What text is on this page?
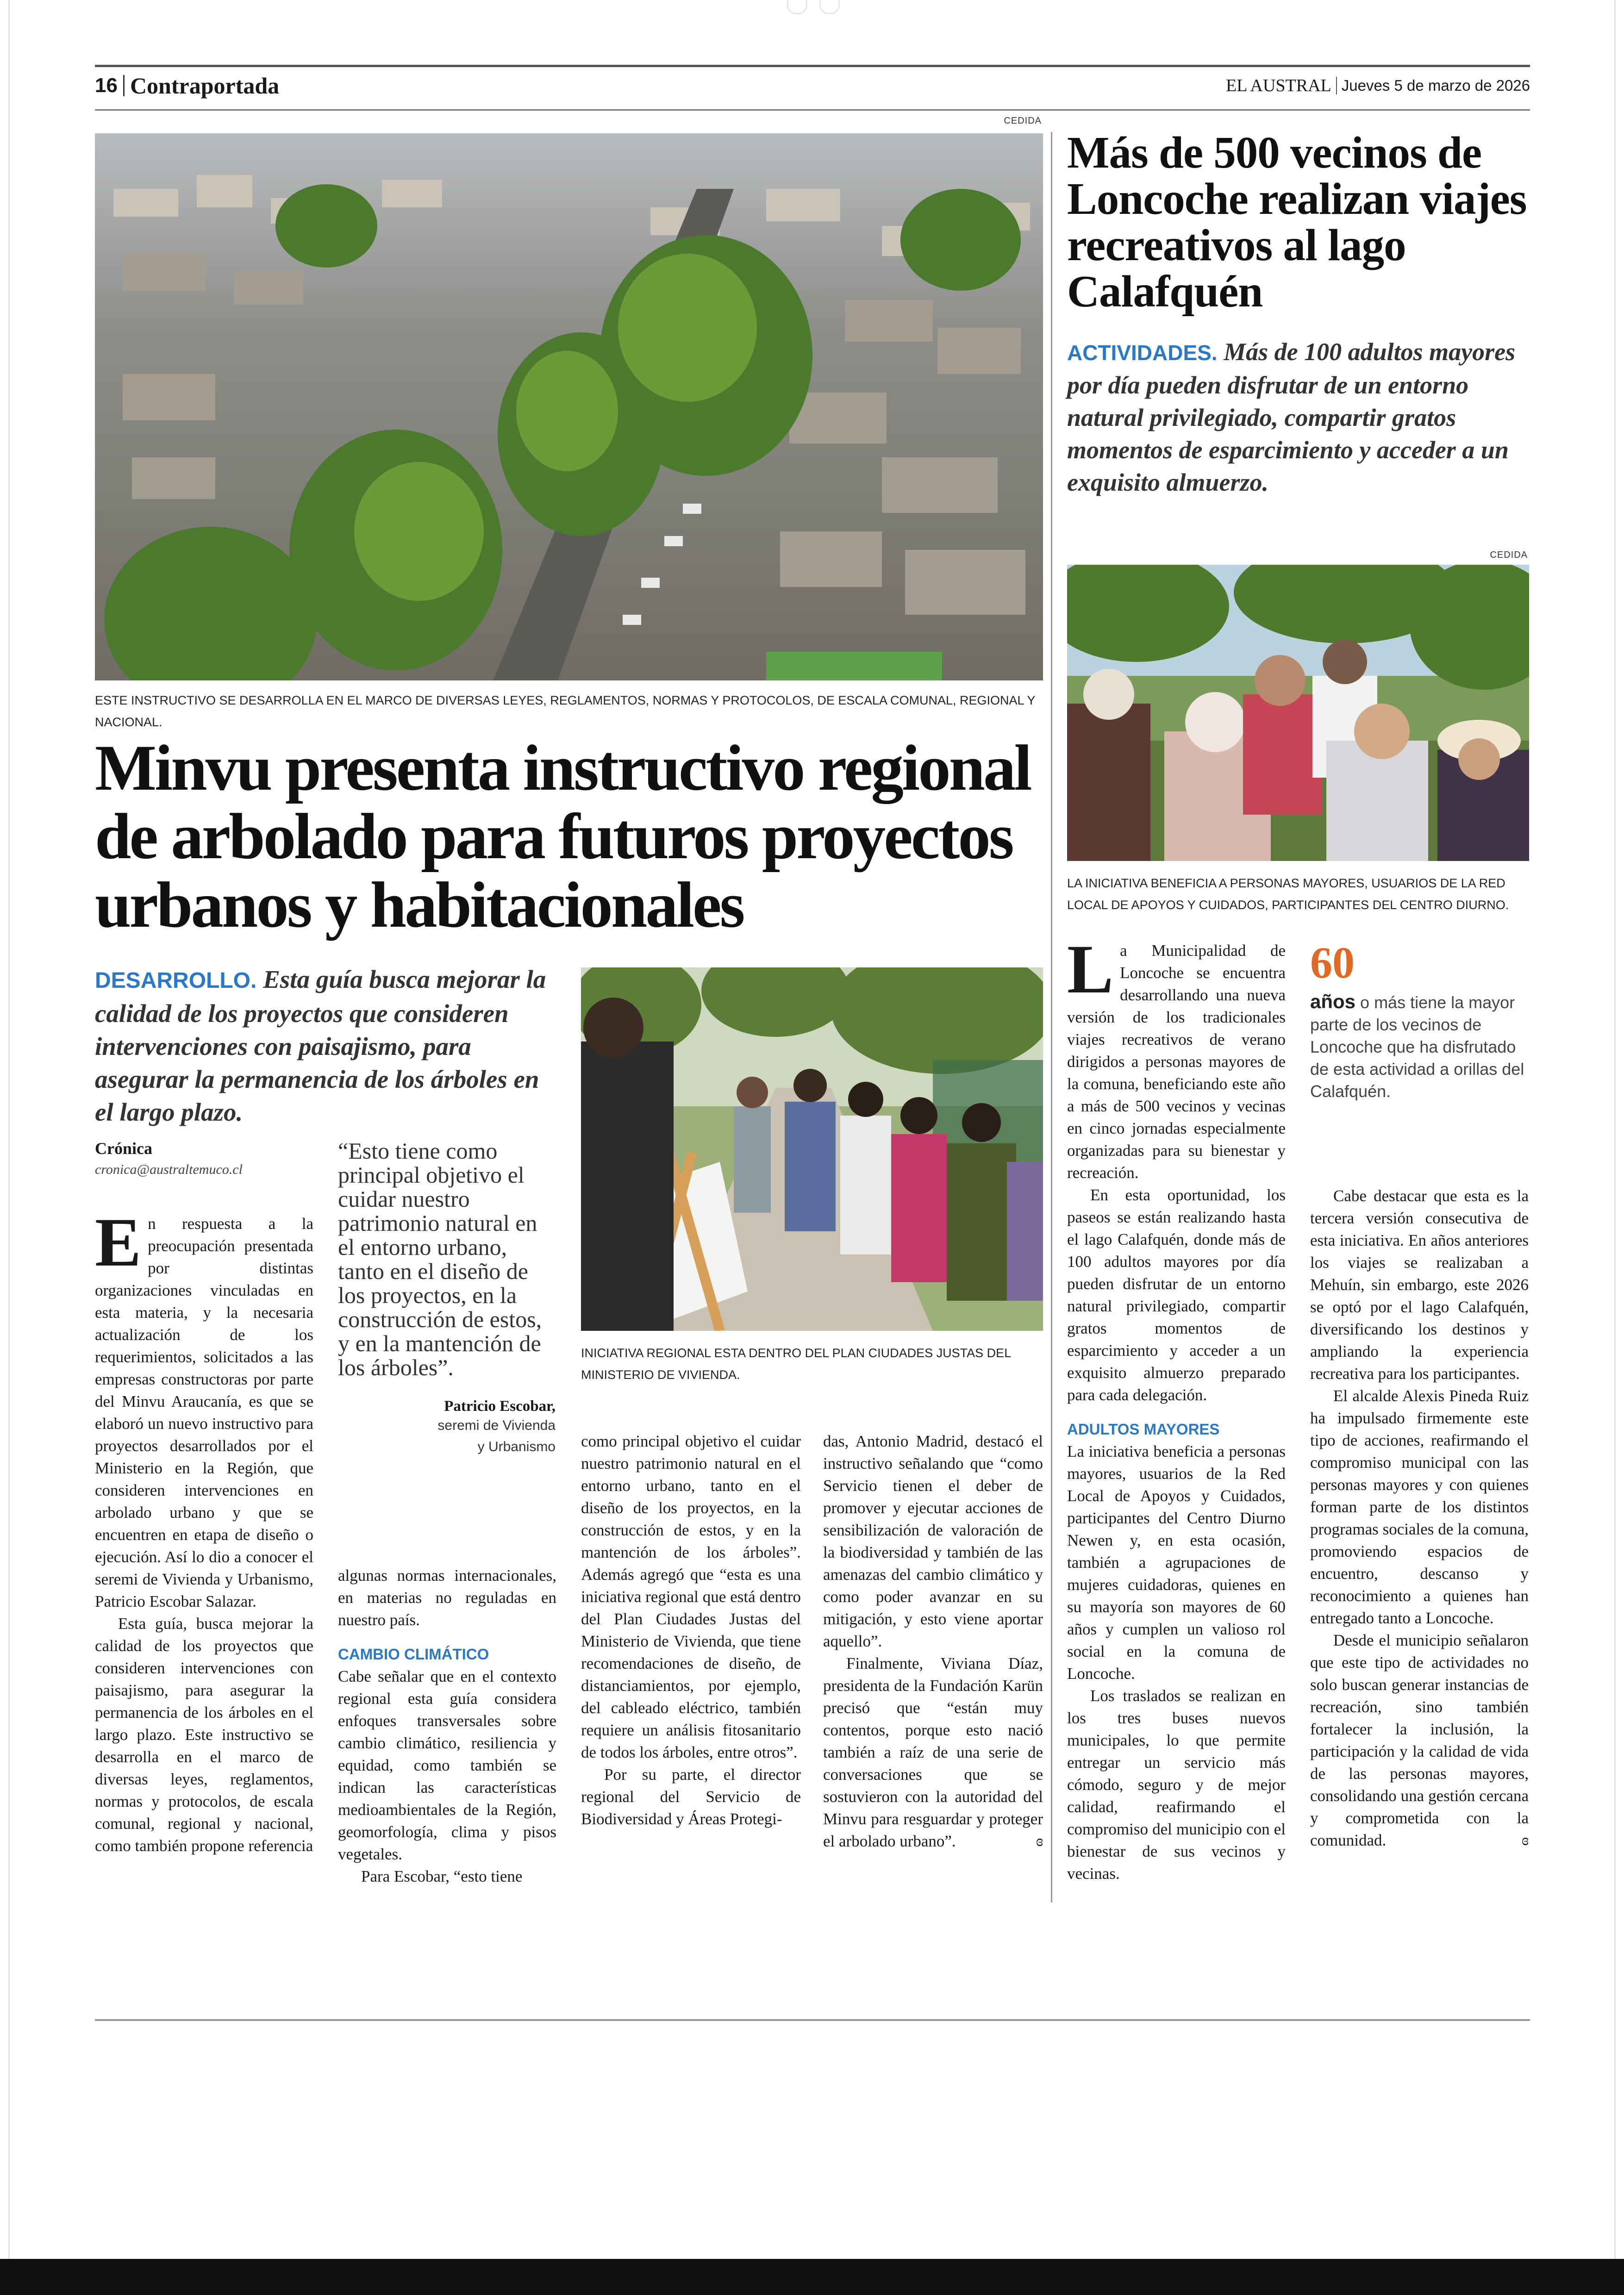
16 Contraportada	EL AUSTRAL Jueves 5 de marzo de 2026
CEDIDA
ESTE INSTRUCTIVO SE DESARROLLA EN EL MARCO DE DIVERSAS LEYES, REGLAMENTOS, NORMAS Y PROTOCOLOS, DE ESCALA COMUNAL, REGIONAL Y NACIONAL.
Minvu presenta instructivo regional de arbolado para futuros proyectos urbanos y habitacionales
DESARROLLO. Esta guía busca mejorar la calidad de los proyectos que consideren intervenciones con paisajismo, para asegurar la permanencia de los árboles en el largo plazo.
Crónica
cronica@australtemuco.cl
“Esto tiene como principal objetivo el cuidar nuestro patrimonio natural en el entorno urbano, tanto en el diseño de los proyectos, en la construcción de estos, y en la mantención de los árboles”.
Patricio Escobar,
seremi de Vivienda y Urbanismo
INICIATIVA REGIONAL ESTA DENTRO DEL PLAN CIUDADES JUSTAS DEL MINISTERIO DE VIVIENDA.

En respuesta a la preocupación presentada por distintas organizaciones vinculadas en esta materia, y la necesaria actualización de los requerimientos, solicitados a las empresas constructoras por parte del Minvu Araucanía, es que se elaboró un nuevo instructivo para proyectos desarrollados por el Ministerio en la Región, que consideren intervenciones en arbolado urbano y que se encuentren en etapa de diseño o ejecución. Así lo dio a conocer el seremi de Vivienda y Urbanismo, Patricio Escobar Salazar.

Esta guía, busca mejorar la calidad de los proyectos que consideren intervenciones con paisajismo, para asegurar la permanencia de los árboles en el largo plazo. Este instructivo se desarrolla en el marco de diversas leyes, reglamentos, normas y protocolos, de escala comunal, regional y nacional, como también propone referencia

algunas normas internacionales, en materias no reguladas en nuestro país.

CAMBIO CLIMÁTICO

Cabe señalar que en el contexto regional esta guía considera enfoques transversales sobre cambio climático, resiliencia y equidad, como también se indican las características medioambientales de la Región, geomorfología, clima y pisos vegetales.

Para Escobar, “esto tiene

como principal objetivo el cuidar nuestro patrimonio natural en el entorno urbano, tanto en el diseño de los proyectos, en la construcción de estos, y en la mantención de los árboles”. Además agregó que “esta es una iniciativa regional que está dentro del Plan Ciudades Justas del Ministerio de Vivienda, que tiene recomendaciones de diseño, de distanciamientos, por ejemplo, del cableado eléctrico, también requiere un análisis fitosanitario de todos los árboles, entre otros”.

Por su parte, el director regional del Servicio de Biodiversidad y Áreas Protegi-

das, Antonio Madrid, destacó el instructivo señalando que “como Servicio tienen el deber de promover y ejecutar acciones de sensibilización de valoración de la biodiversidad y también de las amenazas del cambio climático y como poder avanzar en su mitigación, y esto viene aportar aquello”.

Finalmente, Viviana Díaz, presidenta de la Fundación Karün precisó que “están muy contentos, porque esto nació también a raíz de una serie de conversaciones que se sostuvieron con la autoridad del Minvu para resguardar y proteger el arbolado urbano”.	ɞ
Más de 500 vecinos de Loncoche realizan viajes recreativos al lago Calafquén
ACTIVIDADES. Más de 100 adultos mayores por día pueden disfrutar de un entorno natural privilegiado, compartir gratos momentos de esparcimiento y acceder a un exquisito almuerzo.
CEDIDA
LA INICIATIVA BENEFICIA A PERSONAS MAYORES, USUARIOS DE LA RED LOCAL DE APOYOS Y CUIDADOS, PARTICIPANTES DEL CENTRO DIURNO.

La Municipalidad de Loncoche se encuentra desarrollando una nueva versión de los tradicionales viajes recreativos de verano dirigidos a personas mayores de la comuna, beneficiando este año a más de 500 vecinos y vecinas en cinco jornadas especialmente organizadas para su bienestar y recreación.

En esta oportunidad, los paseos se están realizando hasta el lago Calafquén, donde más de 100 adultos mayores por día pueden disfrutar de un entorno natural privilegiado, compartir gratos momentos de esparcimiento y acceder a un exquisito almuerzo preparado para cada delegación.

ADULTOS MAYORES

La iniciativa beneficia a personas mayores, usuarios de la Red Local de Apoyos y Cuidados, participantes del Centro Diurno Newen y, en esta ocasión, también a agrupaciones de mujeres cuidadoras, quienes en su mayoría son mayores de 60 años y cumplen un valioso rol social en la comuna de Loncoche.

Los traslados se realizan en los tres buses nuevos municipales, lo que permite entregar un servicio más cómodo, seguro y de mejor calidad, reafirmando el compromiso del municipio con el bienestar de sus vecinos y vecinas.

60
años o más tiene la mayor parte de los vecinos de Loncoche que ha disfrutado de esta actividad a orillas del Calafquén.

Cabe destacar que esta es la tercera versión consecutiva de esta iniciativa. En años anteriores los viajes se realizaban a Mehuín, sin embargo, este 2026 se optó por el lago Calafquén, diversificando los destinos y ampliando la experiencia recreativa para los participantes.

El alcalde Alexis Pineda Ruiz ha impulsado firmemente este tipo de acciones, reafirmando el compromiso municipal con las personas mayores y con quienes forman parte de los distintos programas sociales de la comuna, promoviendo espacios de encuentro, descanso y reconocimiento a quienes han entregado tanto a Loncoche.

Desde el municipio señalaron que este tipo de actividades no solo buscan generar instancias de recreación, sino también fortalecer la inclusión, la participación y la calidad de vida de las personas mayores, consolidando una gestión cercana y comprometida con la comunidad.	ɞ
